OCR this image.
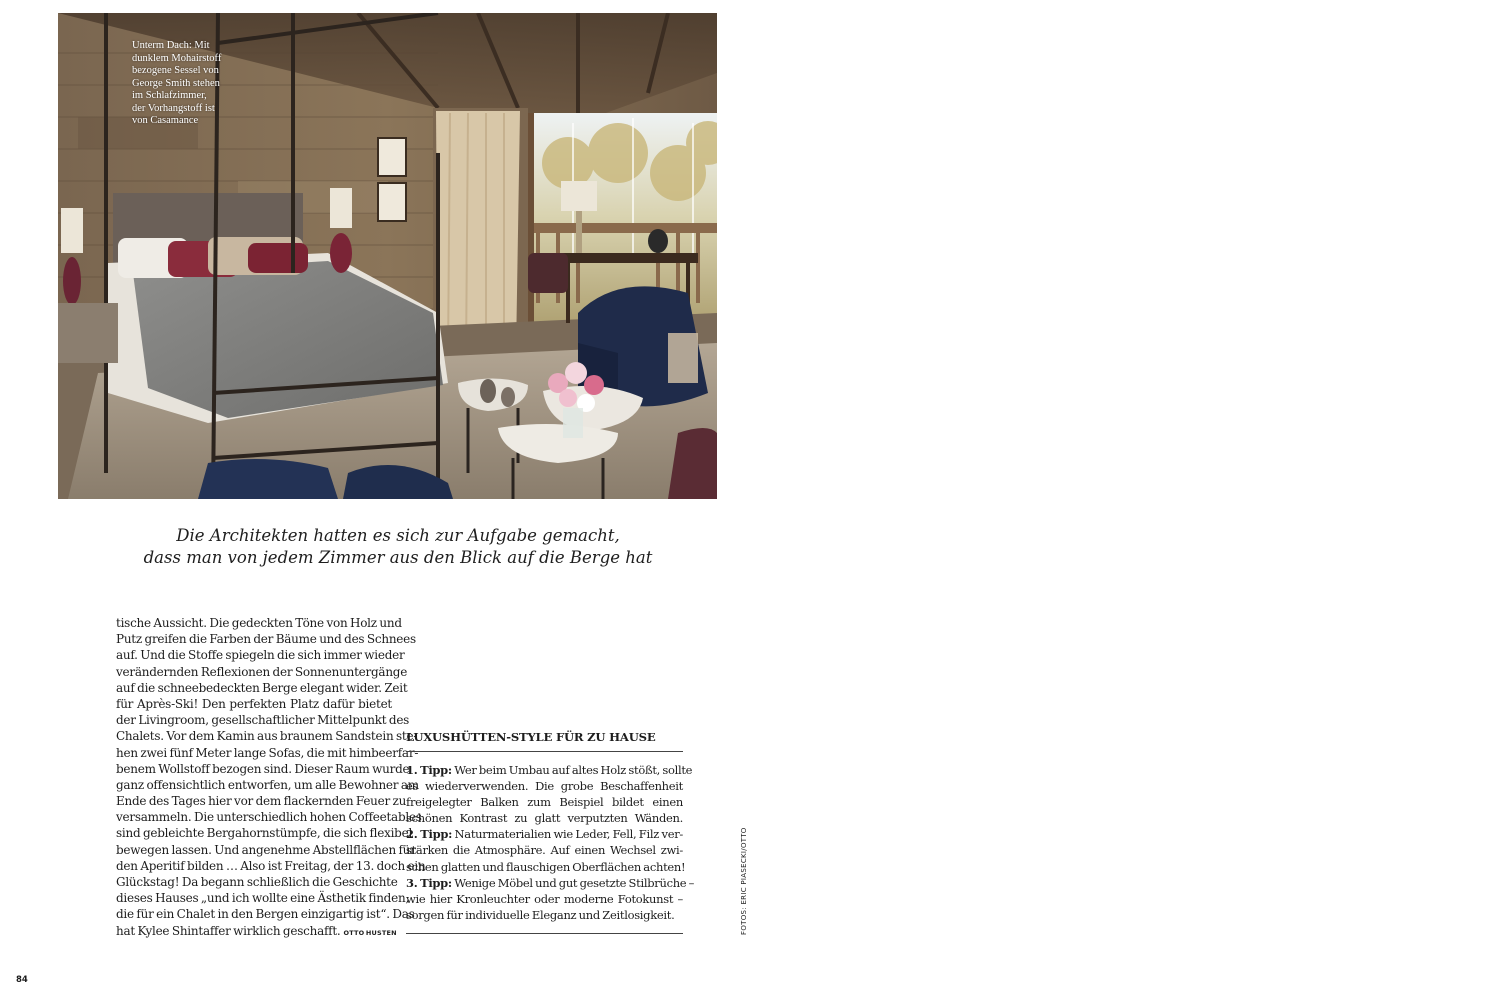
Unterm Dach: Mit
dunklem Mohairstoff
bezogene Sessel von
George Smith stehen
im Schlafzimmer,
der Vorhangstoff ist
von Casamance
Die Architekten hatten es sich zur Aufgabe gemacht,
dass man von jedem Zimmer aus den Blick auf die Berge hat
tische Aussicht. Die gedeckten Töne von Holz und
Putz greifen die Farben der Bäume und des Schnees
auf. Und die Stoffe spiegeln die sich immer wieder
verändernden Reflexionen der Sonnenuntergänge
auf die schneebedeckten Berge elegant wider. Zeit
für Après-Ski! Den perfekten Platz dafür bietet
der Livingroom, gesellschaftlicher Mittelpunkt des
Chalets. Vor dem Kamin aus braunem Sandstein ste-
hen zwei fünf Meter lange Sofas, die mit himbeerfar-
benem Wollstoff bezogen sind. Dieser Raum wurde
ganz offensichtlich entworfen, um alle Bewohner am
Ende des Tages hier vor dem flackernden Feuer zu
versammeln. Die unterschiedlich hohen Coffeetables
sind gebleichte Bergahornstümpfe, die sich flexibel
bewegen lassen. Und angenehme Abstellflächen für
den Aperitif bilden … Also ist Freitag, der 13. doch ein
Glückstag! Da begann schließlich die Geschichte
dieses Hauses „und ich wollte eine Ästhetik finden,
die für ein Chalet in den Bergen einzigartig ist“. Das
hat Kylee Shintaffer wirklich geschafft. OTTO HUSTEN
LUXUSHÜTTEN-STYLE FÜR ZU HAUSE
1. Tipp: Wer beim Umbau auf altes Holz stößt, sollte
es wiederverwenden. Die grobe Beschaffenheit
freigelegter Balken zum Beispiel bildet einen
schönen Kontrast zu glatt verputzten Wänden.
2. Tipp: Naturmaterialien wie Leder, Fell, Filz ver-
stärken die Atmosphäre. Auf einen Wechsel zwi-
schen glatten und flauschigen Oberflächen achten!
3. Tipp: Wenige Möbel und gut gesetzte Stilbrüche –
wie hier Kronleuchter oder moderne Fotokunst –
sorgen für individuelle Eleganz und Zeitlosigkeit.	FOTOS: ERIC PIASECKI/OTTO
84
